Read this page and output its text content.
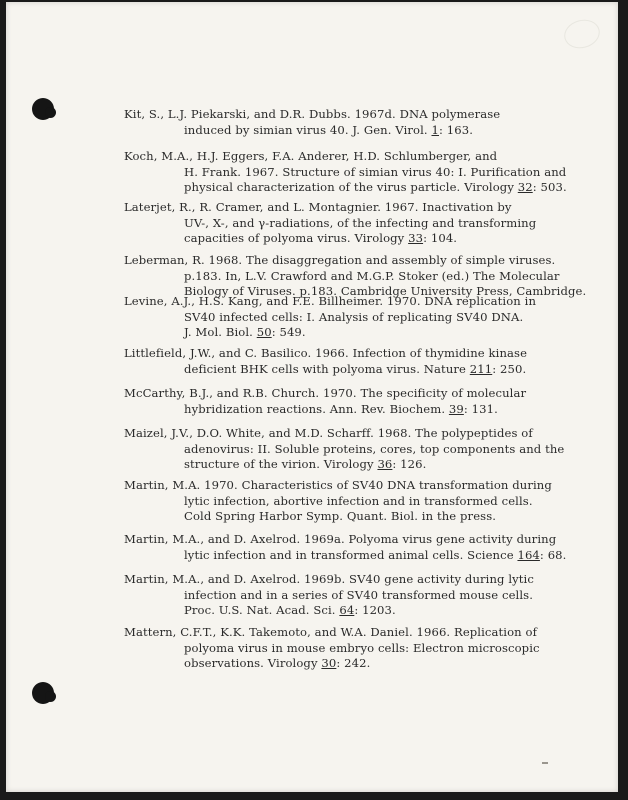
Kit, S., L.J. Piekarski, and D.R. Dubbs. 1967d. DNA polymerase
induced by simian virus 40. J. Gen. Virol. 1: 163.
Koch, M.A., H.J. Eggers, F.A. Anderer, H.D. Schlumberger, and
H. Frank. 1967. Structure of simian virus 40: I. Purification and
physical characterization of the virus particle. Virology 32: 503.
Laterjet, R., R. Cramer, and L. Montagnier. 1967. Inactivation by
UV-, X-, and γ-radiations, of the infecting and transforming
capacities of polyoma virus. Virology 33: 104.
Leberman, R. 1968. The disaggregation and assembly of simple viruses.
p.183. In, L.V. Crawford and M.G.P. Stoker (ed.) The Molecular
Biology of Viruses. p.183. Cambridge University Press, Cambridge.
Levine, A.J., H.S. Kang, and F.E. Billheimer. 1970. DNA replication in
SV40 infected cells: I. Analysis of replicating SV40 DNA.
J. Mol. Biol. 50: 549.
Littlefield, J.W., and C. Basilico. 1966. Infection of thymidine kinase
deficient BHK cells with polyoma virus. Nature 211: 250.
McCarthy, B.J., and R.B. Church. 1970. The specificity of molecular
hybridization reactions. Ann. Rev. Biochem. 39: 131.
Maizel, J.V., D.O. White, and M.D. Scharff. 1968. The polypeptides of
adenovirus: II. Soluble proteins, cores, top components and the
structure of the virion. Virology 36: 126.
Martin, M.A. 1970. Characteristics of SV40 DNA transformation during
lytic infection, abortive infection and in transformed cells.
Cold Spring Harbor Symp. Quant. Biol. in the press.
Martin, M.A., and D. Axelrod. 1969a. Polyoma virus gene activity during
lytic infection and in transformed animal cells. Science 164: 68.
Martin, M.A., and D. Axelrod. 1969b. SV40 gene activity during lytic
infection and in a series of SV40 transformed mouse cells.
Proc. U.S. Nat. Acad. Sci. 64: 1203.
Mattern, C.F.T., K.K. Takemoto, and W.A. Daniel. 1966. Replication of
polyoma virus in mouse embryo cells: Electron microscopic
observations. Virology 30: 242.
